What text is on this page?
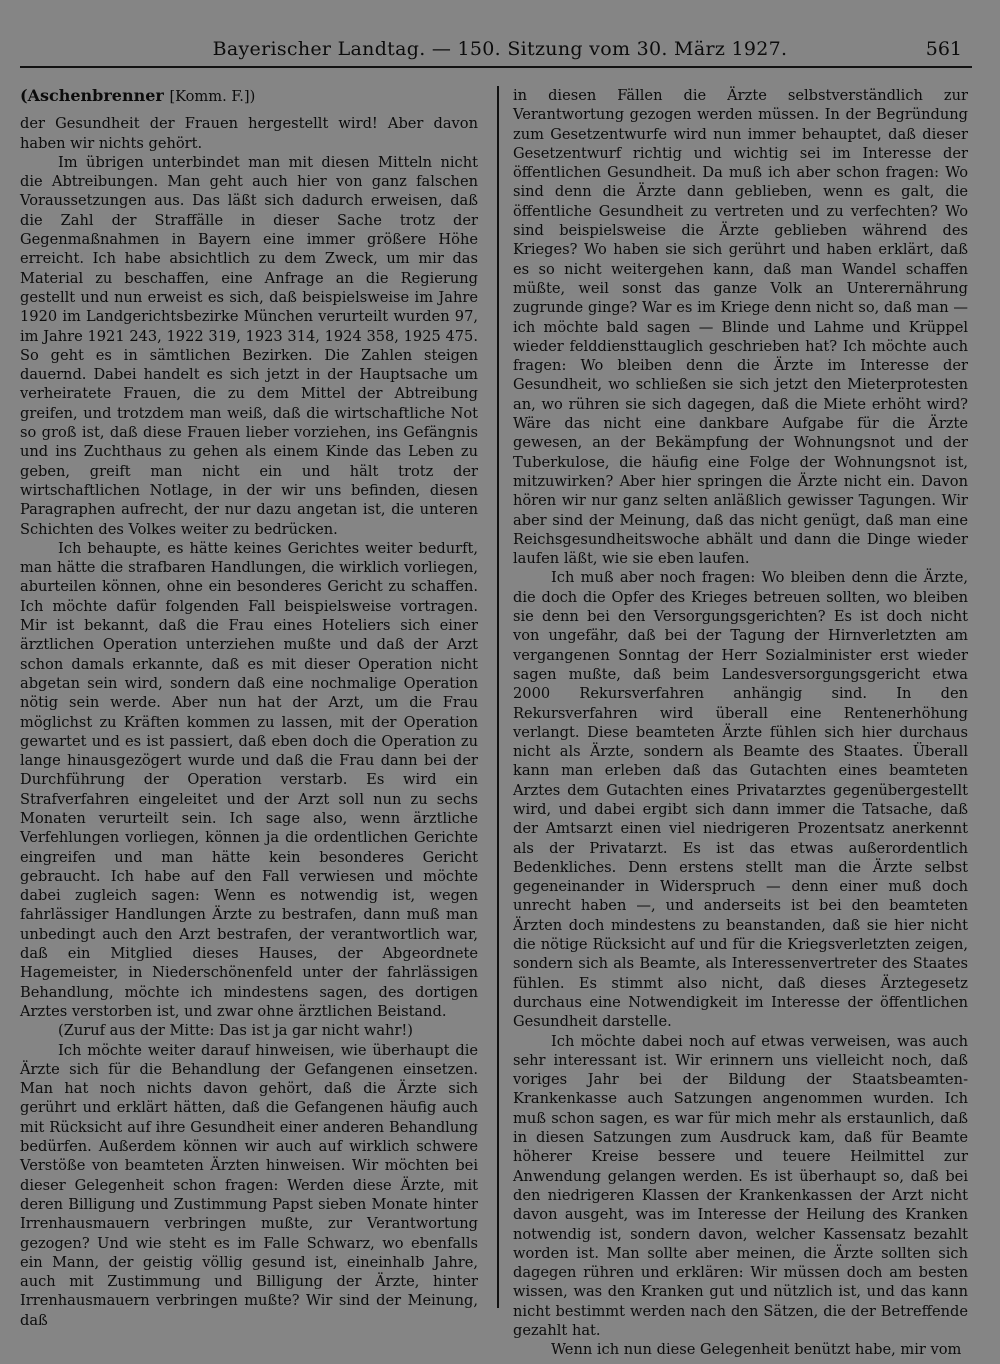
Bayerischer Landtag. — 150. Sitzung vom 30. März 1927.	561

(Aschenbrenner [Komm. F.])

der Gesundheit der Frauen hergestellt wird! Aber davon haben wir nichts gehört.

Im übrigen unterbindet man mit diesen Mitteln nicht die Abtreibungen. Man geht auch hier von ganz falschen Voraussetzungen aus. Das läßt sich dadurch erweisen, daß die Zahl der Straffälle in dieser Sache trotz der Gegenmaßnahmen in Bayern eine immer größere Höhe erreicht. Ich habe absichtlich zu dem Zweck, um mir das Material zu beschaffen, eine Anfrage an die Regierung gestellt und nun erweist es sich, daß beispielsweise im Jahre 1920 im Landgerichtsbezirke München verurteilt wurden 97, im Jahre 1921 243, 1922 319, 1923 314, 1924 358, 1925 475. So geht es in sämtlichen Bezirken. Die Zahlen steigen dauernd. Dabei handelt es sich jetzt in der Hauptsache um verheiratete Frauen, die zu dem Mittel der Abtreibung greifen, und trotzdem man weiß, daß die wirtschaftliche Not so groß ist, daß diese Frauen lieber vorziehen, ins Gefängnis und ins Zuchthaus zu gehen als einem Kinde das Leben zu geben, greift man nicht ein und hält trotz der wirtschaftlichen Notlage, in der wir uns befinden, diesen Paragraphen aufrecht, der nur dazu angetan ist, die unteren Schichten des Volkes weiter zu bedrücken.

Ich behaupte, es hätte keines Gerichtes weiter bedurft, man hätte die strafbaren Handlungen, die wirklich vorliegen, aburteilen können, ohne ein besonderes Gericht zu schaffen. Ich möchte dafür folgenden Fall beispielsweise vortragen. Mir ist bekannt, daß die Frau eines Hoteliers sich einer ärztlichen Operation unterziehen mußte und daß der Arzt schon damals erkannte, daß es mit dieser Operation nicht abgetan sein wird, sondern daß eine nochmalige Operation nötig sein werde. Aber nun hat der Arzt, um die Frau möglichst zu Kräften kommen zu lassen, mit der Operation gewartet und es ist passiert, daß eben doch die Operation zu lange hinausgezögert wurde und daß die Frau dann bei der Durchführung der Operation verstarb. Es wird ein Strafverfahren eingeleitet und der Arzt soll nun zu sechs Monaten verurteilt sein. Ich sage also, wenn ärztliche Verfehlungen vorliegen, können ja die ordentlichen Gerichte eingreifen und man hätte kein besonderes Gericht gebraucht. Ich habe auf den Fall verwiesen und möchte dabei zugleich sagen: Wenn es notwendig ist, wegen fahrlässiger Handlungen Ärzte zu bestrafen, dann muß man unbedingt auch den Arzt bestrafen, der verantwortlich war, daß ein Mitglied dieses Hauses, der Abgeordnete Hagemeister, in Niederschönenfeld unter der fahrlässigen Behandlung, möchte ich mindestens sagen, des dortigen Arztes verstorben ist, und zwar ohne ärztlichen Beistand.

(Zuruf aus der Mitte: Das ist ja gar nicht wahr!)

Ich möchte weiter darauf hinweisen, wie überhaupt die Ärzte sich für die Behandlung der Gefangenen einsetzen. Man hat noch nichts davon gehört, daß die Ärzte sich gerührt und erklärt hätten, daß die Gefangenen häufig auch mit Rücksicht auf ihre Gesundheit einer anderen Behandlung bedürfen. Außerdem können wir auch auf wirklich schwere Verstöße von beamteten Ärzten hinweisen. Wir möchten bei dieser Gelegenheit schon fragen: Werden diese Ärzte, mit deren Billigung und Zustimmung Papst sieben Monate hinter Irrenhausmauern verbringen mußte, zur Verantwortung gezogen? Und wie steht es im Falle Schwarz, wo ebenfalls ein Mann, der geistig völlig gesund ist, eineinhalb Jahre, auch mit Zustimmung und Billigung der Ärzte, hinter Irrenhausmauern verbringen mußte? Wir sind der Meinung, daß

in diesen Fällen die Ärzte selbstverständlich zur Verantwortung gezogen werden müssen. In der Begründung zum Gesetzentwurfe wird nun immer behauptet, daß dieser Gesetzentwurf richtig und wichtig sei im Interesse der öffentlichen Gesundheit. Da muß ich aber schon fragen: Wo sind denn die Ärzte dann geblieben, wenn es galt, die öffentliche Gesundheit zu vertreten und zu verfechten? Wo sind beispielsweise die Ärzte geblieben während des Krieges? Wo haben sie sich gerührt und haben erklärt, daß es so nicht weitergehen kann, daß man Wandel schaffen müßte, weil sonst das ganze Volk an Unterernährung zugrunde ginge? War es im Kriege denn nicht so, daß man — ich möchte bald sagen — Blinde und Lahme und Krüppel wieder felddiensttauglich geschrieben hat? Ich möchte auch fragen: Wo bleiben denn die Ärzte im Interesse der Gesundheit, wo schließen sie sich jetzt den Mieterprotesten an, wo rühren sie sich dagegen, daß die Miete erhöht wird? Wäre das nicht eine dankbare Aufgabe für die Ärzte gewesen, an der Bekämpfung der Wohnungsnot und der Tuberkulose, die häufig eine Folge der Wohnungsnot ist, mitzuwirken? Aber hier springen die Ärzte nicht ein. Davon hören wir nur ganz selten anläßlich gewisser Tagungen. Wir aber sind der Meinung, daß das nicht genügt, daß man eine Reichsgesundheitswoche abhält und dann die Dinge wieder laufen läßt, wie sie eben laufen.

Ich muß aber noch fragen: Wo bleiben denn die Ärzte, die doch die Opfer des Krieges betreuen sollten, wo bleiben sie denn bei den Versorgungsgerichten? Es ist doch nicht von ungefähr, daß bei der Tagung der Hirnverletzten am vergangenen Sonntag der Herr Sozialminister erst wieder sagen mußte, daß beim Landesversorgungsgericht etwa 2000 Rekursverfahren anhängig sind. In den Rekursverfahren wird überall eine Rentenerhöhung verlangt. Diese beamteten Ärzte fühlen sich hier durchaus nicht als Ärzte, sondern als Beamte des Staates. Überall kann man erleben daß das Gutachten eines beamteten Arztes dem Gutachten eines Privatarztes gegenübergestellt wird, und dabei ergibt sich dann immer die Tatsache, daß der Amtsarzt einen viel niedrigeren Prozentsatz anerkennt als der Privatarzt. Es ist das etwas außerordentlich Bedenkliches. Denn erstens stellt man die Ärzte selbst gegeneinander in Widerspruch — denn einer muß doch unrecht haben —, und anderseits ist bei den beamteten Ärzten doch mindestens zu beanstanden, daß sie hier nicht die nötige Rücksicht auf und für die Kriegsverletzten zeigen, sondern sich als Beamte, als Interessenvertreter des Staates fühlen. Es stimmt also nicht, daß dieses Ärztegesetz durchaus eine Notwendigkeit im Interesse der öffentlichen Gesundheit darstelle.

Ich möchte dabei noch auf etwas verweisen, was auch sehr interessant ist. Wir erinnern uns vielleicht noch, daß voriges Jahr bei der Bildung der Staatsbeamten-Krankenkasse auch Satzungen angenommen wurden. Ich muß schon sagen, es war für mich mehr als erstaunlich, daß in diesen Satzungen zum Ausdruck kam, daß für Beamte höherer Kreise bessere und teuere Heilmittel zur Anwendung gelangen werden. Es ist überhaupt so, daß bei den niedrigeren Klassen der Krankenkassen der Arzt nicht davon ausgeht, was im Interesse der Heilung des Kranken notwendig ist, sondern davon, welcher Kassensatz bezahlt worden ist. Man sollte aber meinen, die Ärzte sollten sich dagegen rühren und erklären: Wir müssen doch am besten wissen, was den Kranken gut und nützlich ist, und das kann nicht bestimmt werden nach den Sätzen, die der Betreffende gezahlt hat.

Wenn ich nun diese Gelegenheit benützt habe, mir vom
